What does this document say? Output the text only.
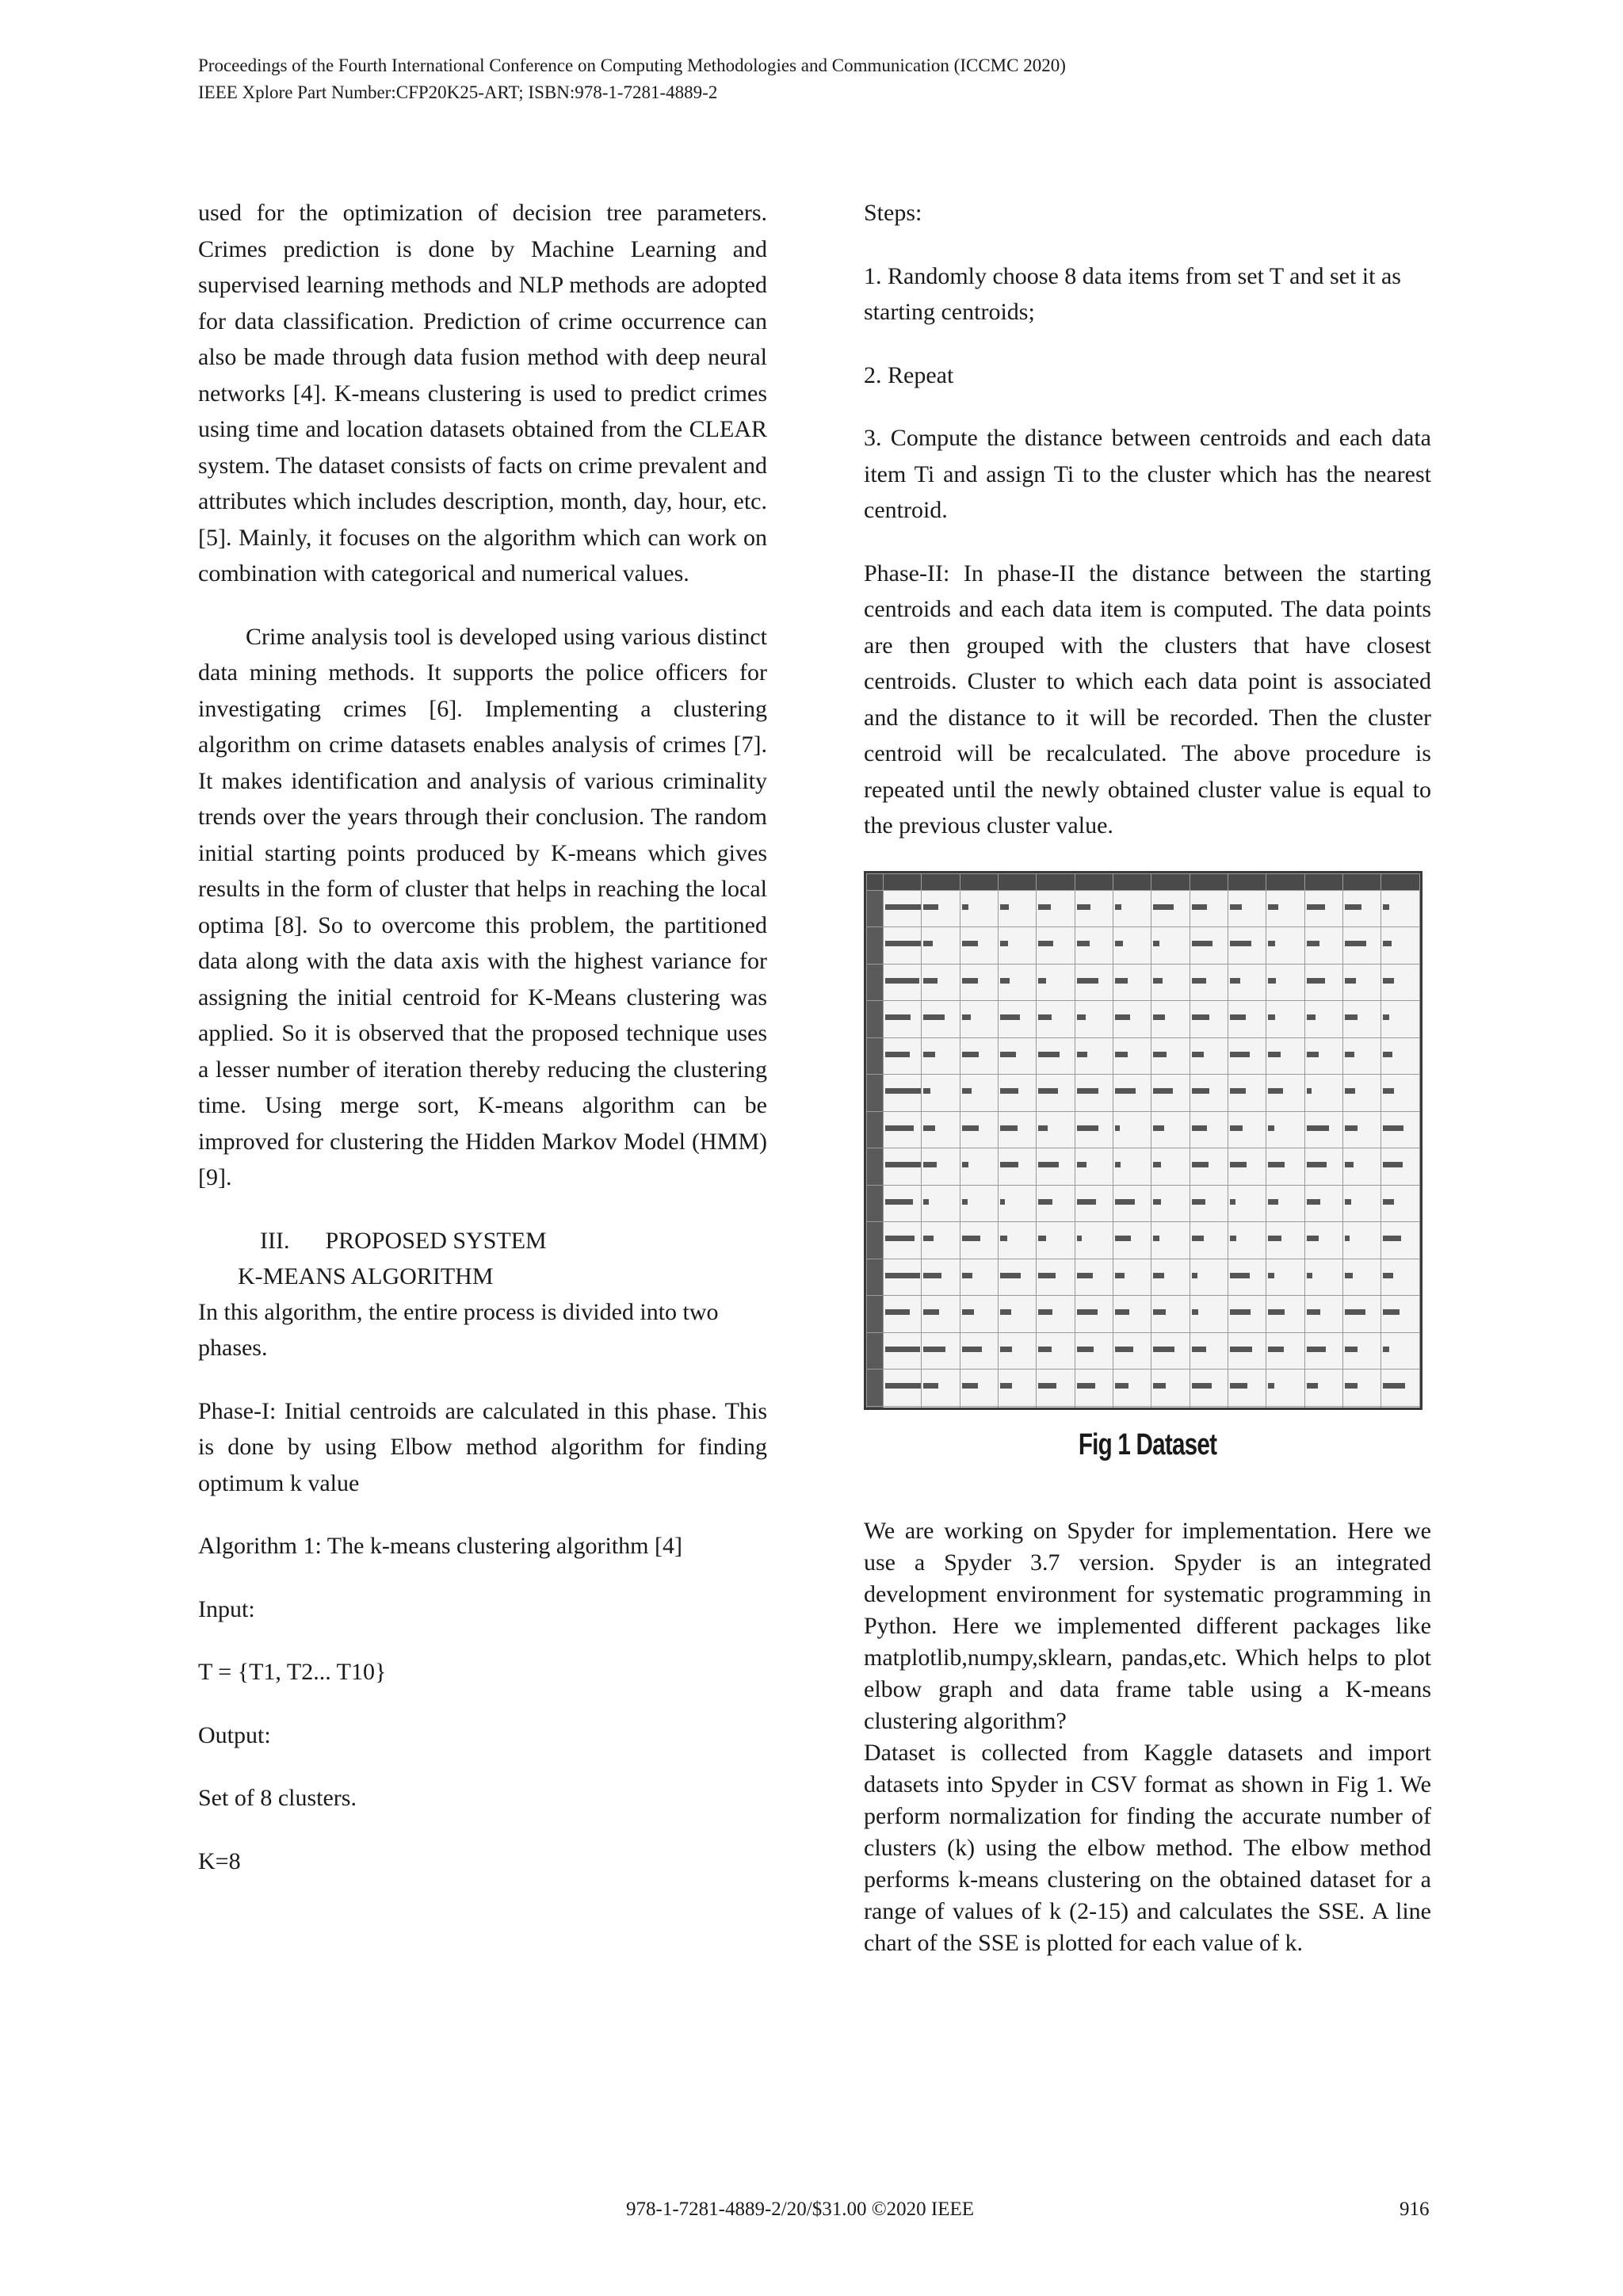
Proceedings of the Fourth International Conference on Computing Methodologies and Communication (ICCMC 2020)
IEEE Xplore Part Number:CFP20K25-ART; ISBN:978-1-7281-4889-2

used for the optimization of decision tree parameters. Crimes prediction is done by Machine Learning and supervised learning methods and NLP methods are adopted for data classification. Prediction of crime occurrence can also be made through data fusion method with deep neural networks [4]. K-means clustering is used to predict crimes using time and location datasets obtained from the CLEAR system. The dataset consists of facts on crime prevalent and attributes which includes description, month, day, hour, etc. [5]. Mainly, it focuses on the algorithm which can work on combination with categorical and numerical values.

Crime analysis tool is developed using various distinct data mining methods. It supports the police officers for investigating crimes [6]. Implementing a clustering algorithm on crime datasets enables analysis of crimes [7]. It makes identification and analysis of various criminality trends over the years through their conclusion. The random initial starting points produced by K-means which gives results in the form of cluster that helps in reaching the local optima [8]. So to overcome this problem, the partitioned data along with the data axis with the highest variance for assigning the initial centroid for K-Means clustering was applied. So it is observed that the proposed technique uses a lesser number of iteration thereby reducing the clustering time. Using merge sort, K-means algorithm can be improved for clustering the Hidden Markov Model (HMM) [9].

III. PROPOSED SYSTEM
K-MEANS ALGORITHM

In this algorithm, the entire process is divided into two phases.

Phase-I: Initial centroids are calculated in this phase. This is done by using Elbow method algorithm for finding optimum k value

Algorithm 1: The k-means clustering algorithm [4]

Input:

T = {T1, T2... T10}

Output:

Set of 8 clusters.

K=8

Steps:

1. Randomly choose 8 data items from set T and set it as starting centroids;

2. Repeat

3. Compute the distance between centroids and each data item Ti and assign Ti to the cluster which has the nearest centroid.

Phase-II: In phase-II the distance between the starting centroids and each data item is computed. The data points are then grouped with the clusters that have closest centroids. Cluster to which each data point is associated and the distance to it will be recorded. Then the cluster centroid will be recalculated. The above procedure is repeated until the newly obtained cluster value is equal to the previous cluster value.

Fig 1 Dataset

We are working on Spyder for implementation. Here we use a Spyder 3.7 version. Spyder is an integrated development environment for systematic programming in Python. Here we implemented different packages like matplotlib,numpy,sklearn, pandas,etc. Which helps to plot elbow graph and data frame table using a K-means clustering algorithm?

Dataset is collected from Kaggle datasets and import datasets into Spyder in CSV format as shown in Fig 1. We perform normalization for finding the accurate number of clusters (k) using the elbow method. The elbow method performs k-means clustering on the obtained dataset for a range of values of k (2-15) and calculates the SSE. A line chart of the SSE is plotted for each value of k.

978-1-7281-4889-2/20/$31.00 ©2020 IEEE	916
